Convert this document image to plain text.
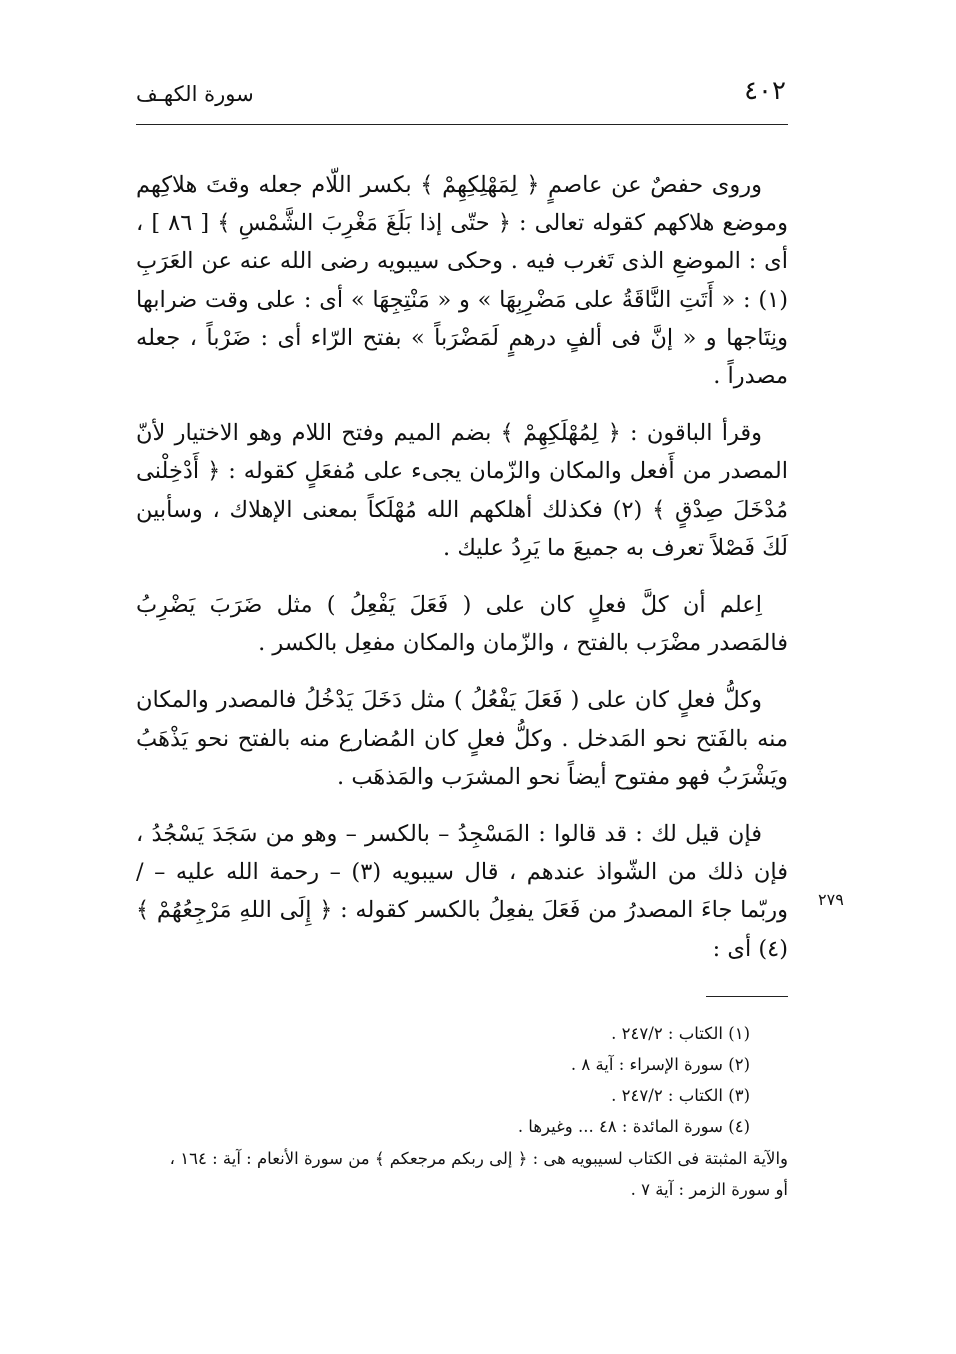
٤٠٢
سورة الكهـف

وروى حفصٌ عن عاصمٍ ﴿ لِمَهْلِكِهِمْ ﴾ بكسر اللّام جعله وقتَ هلاكِهم وموضع هلاكهم كقوله تعالى : ﴿ حتّى إذا بَلَغَ مَغْرِبَ الشَّمْسِ ﴾ [ ٨٦ ] ، أى : الموضعِ الذى تَغرب فيه . وحكى سيبويه رضى الله عنه عن العَرَبِ (١) : « أَتَتِ النَّاقَةُ على مَضْرِبِهَا » و « مَنْتِجِهَا » أى : على وقت ضرابها ونِتَاجها و « إنَّ فى ألفٍ درهمٍ لَمَضْرَباً » بفتح الرّاء أى : ضَرْباً ، جعله مصدراً .

وقرأ الباقون : ﴿ لِمُهْلَكِهِمْ ﴾ بضم الميم وفتح اللام وهو الاختيار لأنّ المصدر من أَفعل والمكان والزّمان يجىء على مُفعَلٍ كقوله : ﴿ أَدْخِلْنى مُدْخَلَ صِدْقٍ ﴾ (٢) فكذلك أهلكهم الله مُهْلَكاً بمعنى الإهلاك ، وسأبين لَكَ فَصْلاً تعرف به جميعَ ما يَرِدُ عليك .

اِعلم أن كلَّ فعلٍ كان على ( فَعَلَ يَفْعِلُ ) مثل ضَرَبَ يَضْرِبُ فالمَصدر مضْرَب بالفتح ، والزّمان والمكان مفعِل بالكسر .

وكلُّ فعلٍ كان على ( فَعَلَ يَفْعُلُ ) مثل دَخَلَ يَدْخُلُ فالمصدر والمكان منه بالفَتح نحو المَدخل . وكلُّ فعلٍ كان المُضارع منه بالفتح نحو يَذْهَبُ ويَشْرَبُ فهو مفتوح أيضاً نحو المشرَب والمَذهَب .

فإن قيل لك : قد قالوا : المَسْجِدُ – بالكسر – وهو من سَجَدَ يَسْجُدُ ، فإن ذلك من الشّواذ عندهم ، قال سيبويه (٣) – رحمة الله عليه – / وربّما جاءَ المصدرُ من فَعَلَ يفعِلُ بالكسر كقوله : ﴿ إِلَى اللهِ مَرْجِعُهُمْ ﴾ (٤) أى :

٢٧٩
(١) الكتاب : ٢٤٧/٢ .
(٢) سورة الإسراء : آية ٨ .
(٣) الكتاب : ٢٤٧/٢ .
(٤) سورة المائدة : ٤٨ ... وغيرها .
والآية المثبتة فى الكتاب لسيبويه هى : ﴿ إلى ربكم مرجعكم ﴾ من سورة الأنعام : آية : ١٦٤ ،
أو سورة الزمر : آية ٧ .
